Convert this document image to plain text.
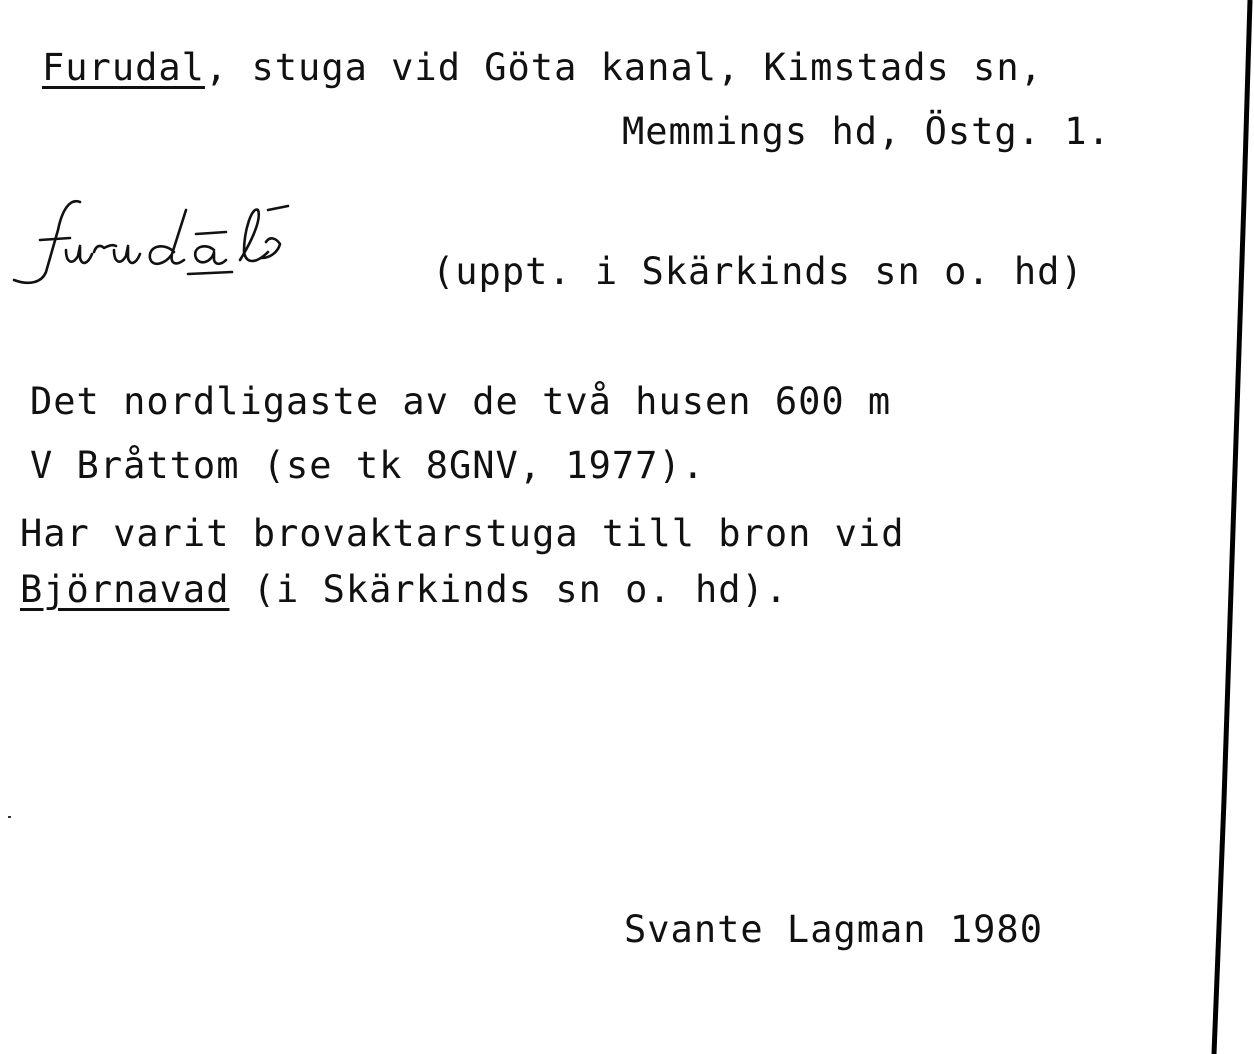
Furudal, stuga vid Göta kanal, Kimstads sn,
Memmings hd, Östg. 1.
(uppt. i Skärkinds sn o. hd)
Det nordligaste av de två husen 600 m
V Bråttom (se tk 8GNV, 1977).
Har varit brovaktarstuga till bron vid
Björnavad (i Skärkinds sn o. hd).
Svante Lagman 1980
